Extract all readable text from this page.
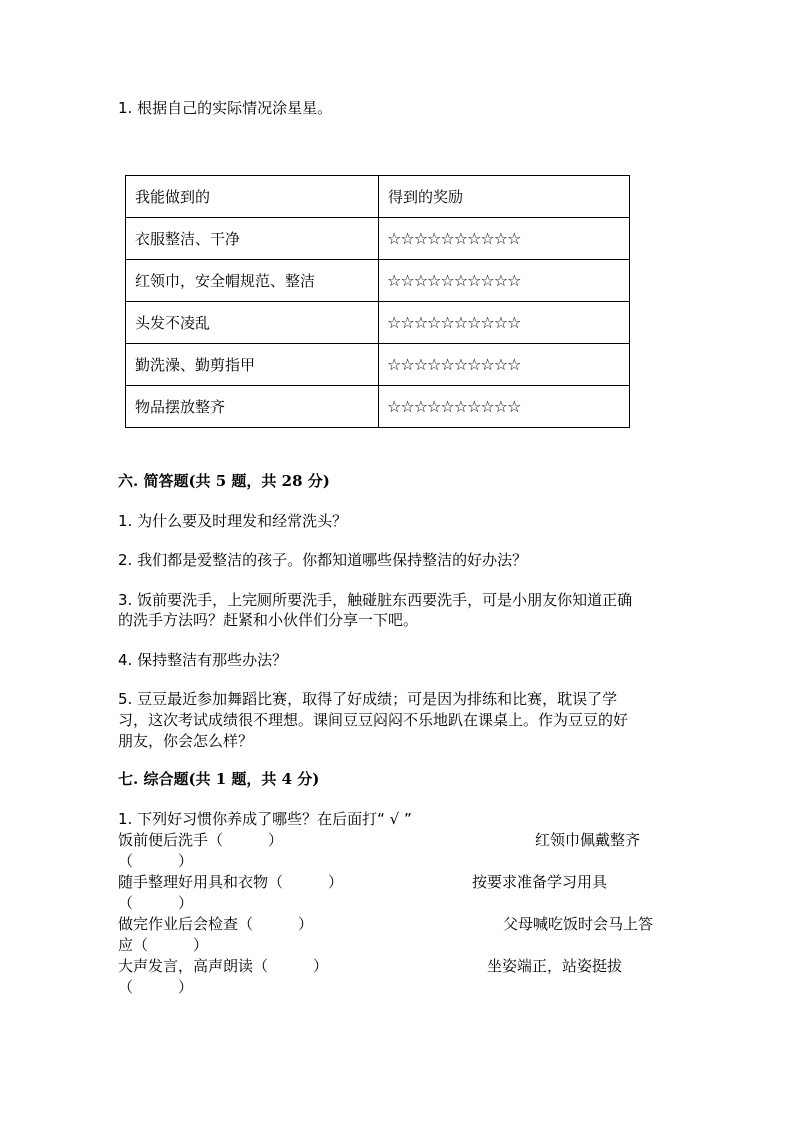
1. 根据自己的实际情况涂星星。
我能做到的	得到的奖励
衣服整洁、干净	☆☆☆☆☆☆☆☆☆☆
红领巾，安全帽规范、整洁	☆☆☆☆☆☆☆☆☆☆
头发不凌乱	☆☆☆☆☆☆☆☆☆☆
勤洗澡、勤剪指甲	☆☆☆☆☆☆☆☆☆☆
物品摆放整齐	☆☆☆☆☆☆☆☆☆☆
六. 简答题(共 5 题，共 28 分)
1. 为什么要及时理发和经常洗头？
2. 我们都是爱整洁的孩子。你都知道哪些保持整洁的好办法？
3. 饭前要洗手，上完厕所要洗手，触碰脏东西要洗手，可是小朋友你知道正确
的洗手方法吗？赶紧和小伙伴们分享一下吧。
4. 保持整洁有那些办法？
5. 豆豆最近参加舞蹈比赛，取得了好成绩；可是因为排练和比赛，耽误了学
习，这次考试成绩很不理想。课间豆豆闷闷不乐地趴在课桌上。作为豆豆的好
朋友，你会怎么样？
七. 综合题(共 1 题，共 4 分)
1. 下列好习惯你养成了哪些？在后面打“ √ ”
饭前便后洗手（　　　）	红领巾佩戴整齐
（　　　）
随手整理好用具和衣物（　　　）	按要求准备学习用具
（　　　）
做完作业后会检查（　　　）	父母喊吃饭时会马上答
应（　　　）
大声发言，高声朗读（　　　）	坐姿端正，站姿挺拔
（　　　）
